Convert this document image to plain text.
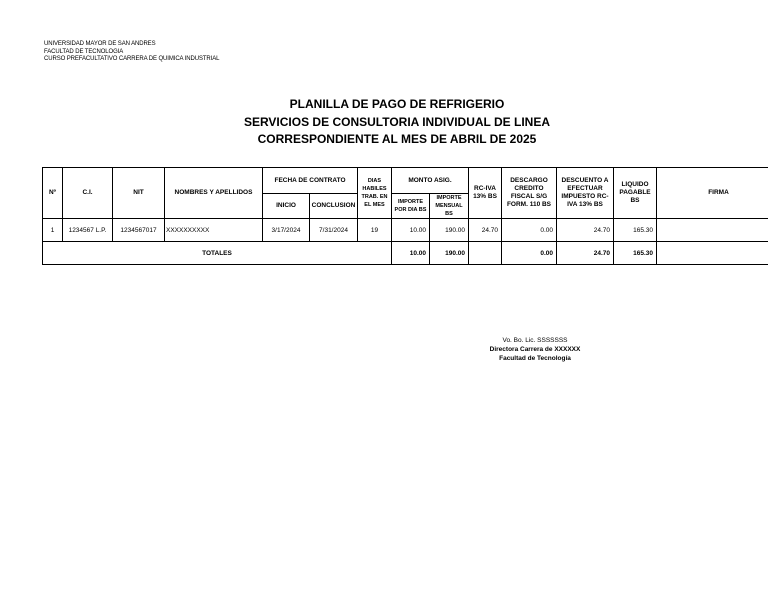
UNIVERSIDAD MAYOR DE SAN ANDRES
FACULTAD DE TECNOLOGIA
CURSO PREFACULTATIVO CARRERA DE QUIMICA INDUSTRIAL
PLANILLA DE PAGO DE REFRIGERIO
SERVICIOS DE CONSULTORIA INDIVIDUAL DE LINEA
CORRESPONDIENTE AL MES DE ABRIL DE 2025
Nº	C.I.	NIT	NOMBRES Y APELLIDOS	FECHA DE CONTRATO		DIAS HABILES TRAB. EN EL MES	MONTO ASIG.		RC-IVA 13% BS	DESCARGO CREDITO FISCAL S/G FORM. 110 BS	DESCUENTO A EFECTUAR IMPUESTO RC-IVA 13% BS	LIQUIDO PAGABLE BS	FIRMA
				INICIO	CONCLUSION		IMPORTE POR DIA BS	IMPORTE MENSUAL BS					
1	1234567 L.P.	1234567017	XXXXXXXXXX	3/17/2024	7/31/2024	19	10.00	190.00	24.70	0.00	24.70	165.30	
TOTALES							10.00	190.00		0.00	24.70	165.30	
Vo. Bo. Lic. SSSSSSS
Directora Carrera de XXXXXX
Facultad de Tecnología
